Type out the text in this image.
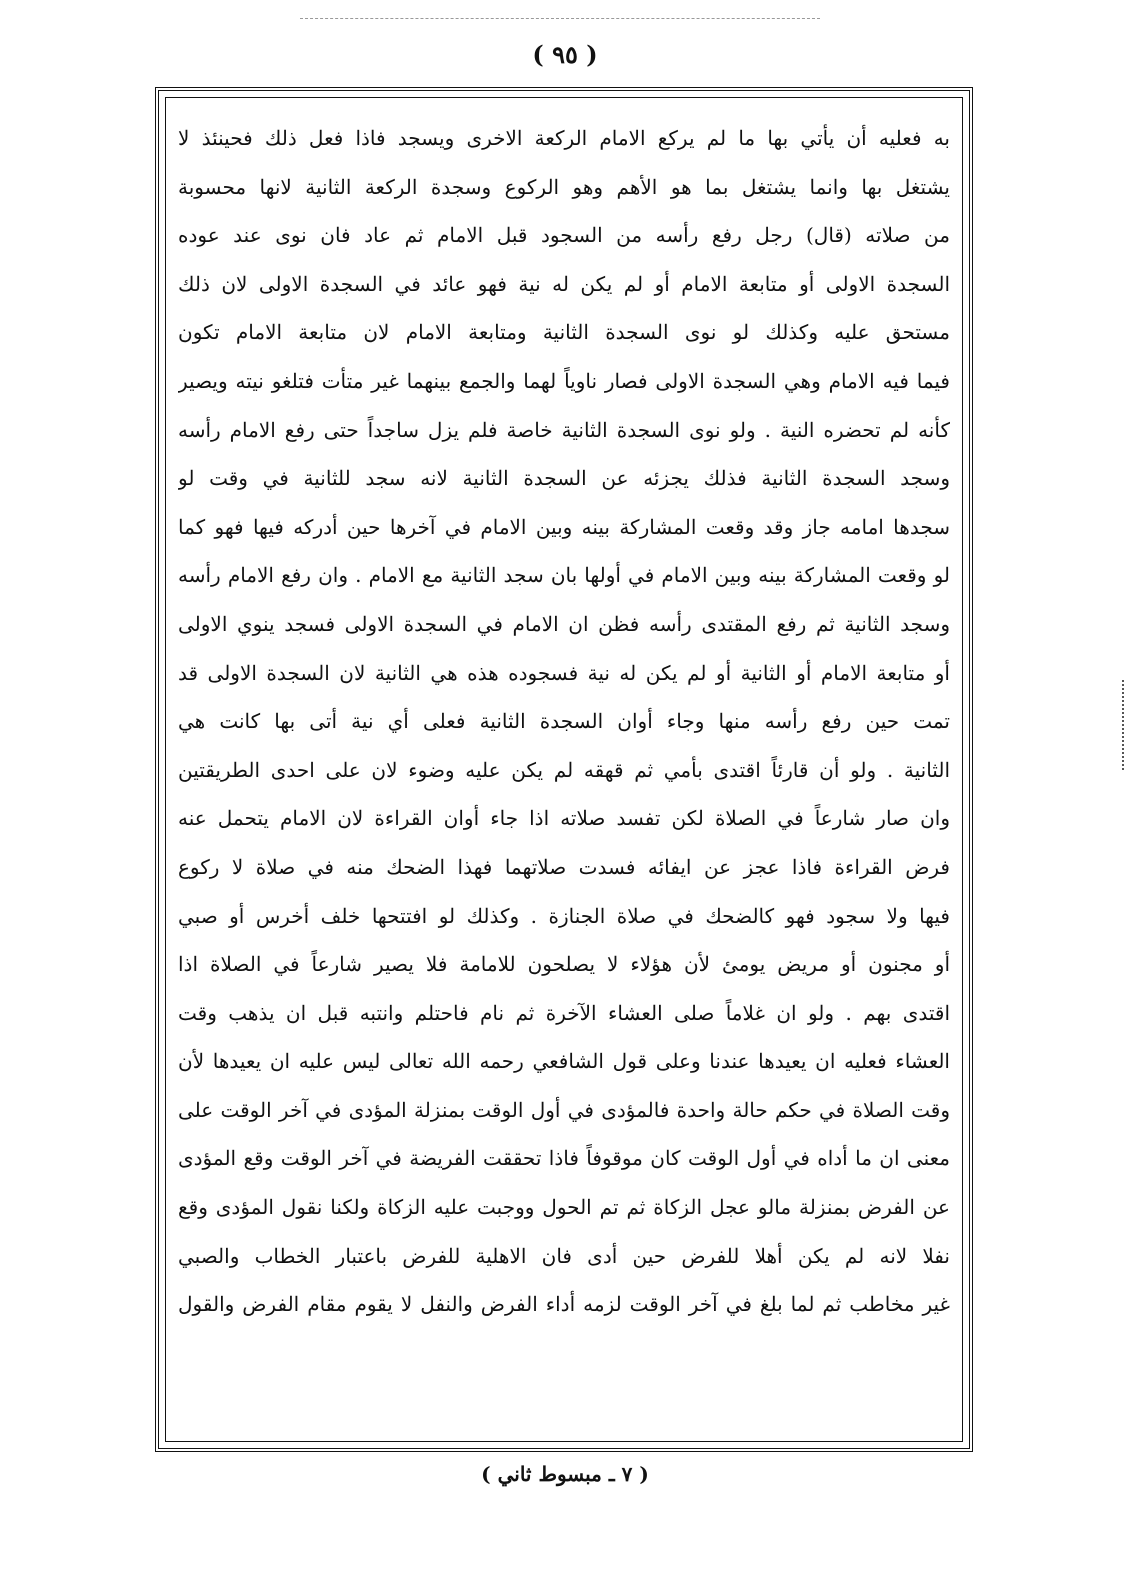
( ٩٥ )
به فعليه أن يأتي بها ما لم يركع الامام الركعة الاخرى ويسجد فاذا فعل ذلك فحينئذ لا
يشتغل بها وانما يشتغل بما هو الأهم وهو الركوع وسجدة الركعة الثانية لانها محسوبة
من صلاته (قال) رجل رفع رأسه من السجود قبل الامام ثم عاد فان نوى عند عوده
السجدة الاولى أو متابعة الامام أو لم يكن له نية فهو عائد في السجدة الاولى لان ذلك
مستحق عليه وكذلك لو نوى السجدة الثانية ومتابعة الامام لان متابعة الامام تكون
فيما فيه الامام وهي السجدة الاولى فصار ناوياً لهما والجمع بينهما غير متأت فتلغو نيته ويصير
كأنه لم تحضره النية . ولو نوى السجدة الثانية خاصة فلم يزل ساجداً حتى رفع الامام رأسه
وسجد السجدة الثانية فذلك يجزئه عن السجدة الثانية لانه سجد للثانية في وقت لو
سجدها امامه جاز وقد وقعت المشاركة بينه وبين الامام في آخرها حين أدركه فيها فهو كما
لو وقعت المشاركة بينه وبين الامام في أولها بان سجد الثانية مع الامام . وان رفع الامام رأسه
وسجد الثانية ثم رفع المقتدى رأسه فظن ان الامام في السجدة الاولى فسجد ينوي الاولى
أو متابعة الامام أو الثانية أو لم يكن له نية فسجوده هذه هي الثانية لان السجدة الاولى قد
تمت حين رفع رأسه منها وجاء أوان السجدة الثانية فعلى أي نية أتى بها كانت هي
الثانية . ولو أن قارئاً اقتدى بأمي ثم قهقه لم يكن عليه وضوء لان على احدى الطريقتين
وان صار شارعاً في الصلاة لكن تفسد صلاته اذا جاء أوان القراءة لان الامام يتحمل عنه
فرض القراءة فاذا عجز عن ايفائه فسدت صلاتهما فهذا الضحك منه في صلاة لا ركوع
فيها ولا سجود فهو كالضحك في صلاة الجنازة . وكذلك لو افتتحها خلف أخرس أو صبي
أو مجنون أو مريض يومئ لأن هؤلاء لا يصلحون للامامة فلا يصير شارعاً في الصلاة اذا
اقتدى بهم . ولو ان غلاماً صلى العشاء الآخرة ثم نام فاحتلم وانتبه قبل ان يذهب وقت
العشاء فعليه ان يعيدها عندنا وعلى قول الشافعي رحمه الله تعالى ليس عليه ان يعيدها لأن
وقت الصلاة في حكم حالة واحدة فالمؤدى في أول الوقت بمنزلة المؤدى في آخر الوقت على
معنى ان ما أداه في أول الوقت كان موقوفاً فاذا تحققت الفريضة في آخر الوقت وقع المؤدى
عن الفرض بمنزلة مالو عجل الزكاة ثم تم الحول ووجبت عليه الزكاة ولكنا نقول المؤدى وقع
نفلا لانه لم يكن أهلا للفرض حين أدى فان الاهلية للفرض باعتبار الخطاب والصبي
غير مخاطب ثم لما بلغ في آخر الوقت لزمه أداء الفرض والنفل لا يقوم مقام الفرض والقول
( ٧ ـ مبسوط ثاني )
